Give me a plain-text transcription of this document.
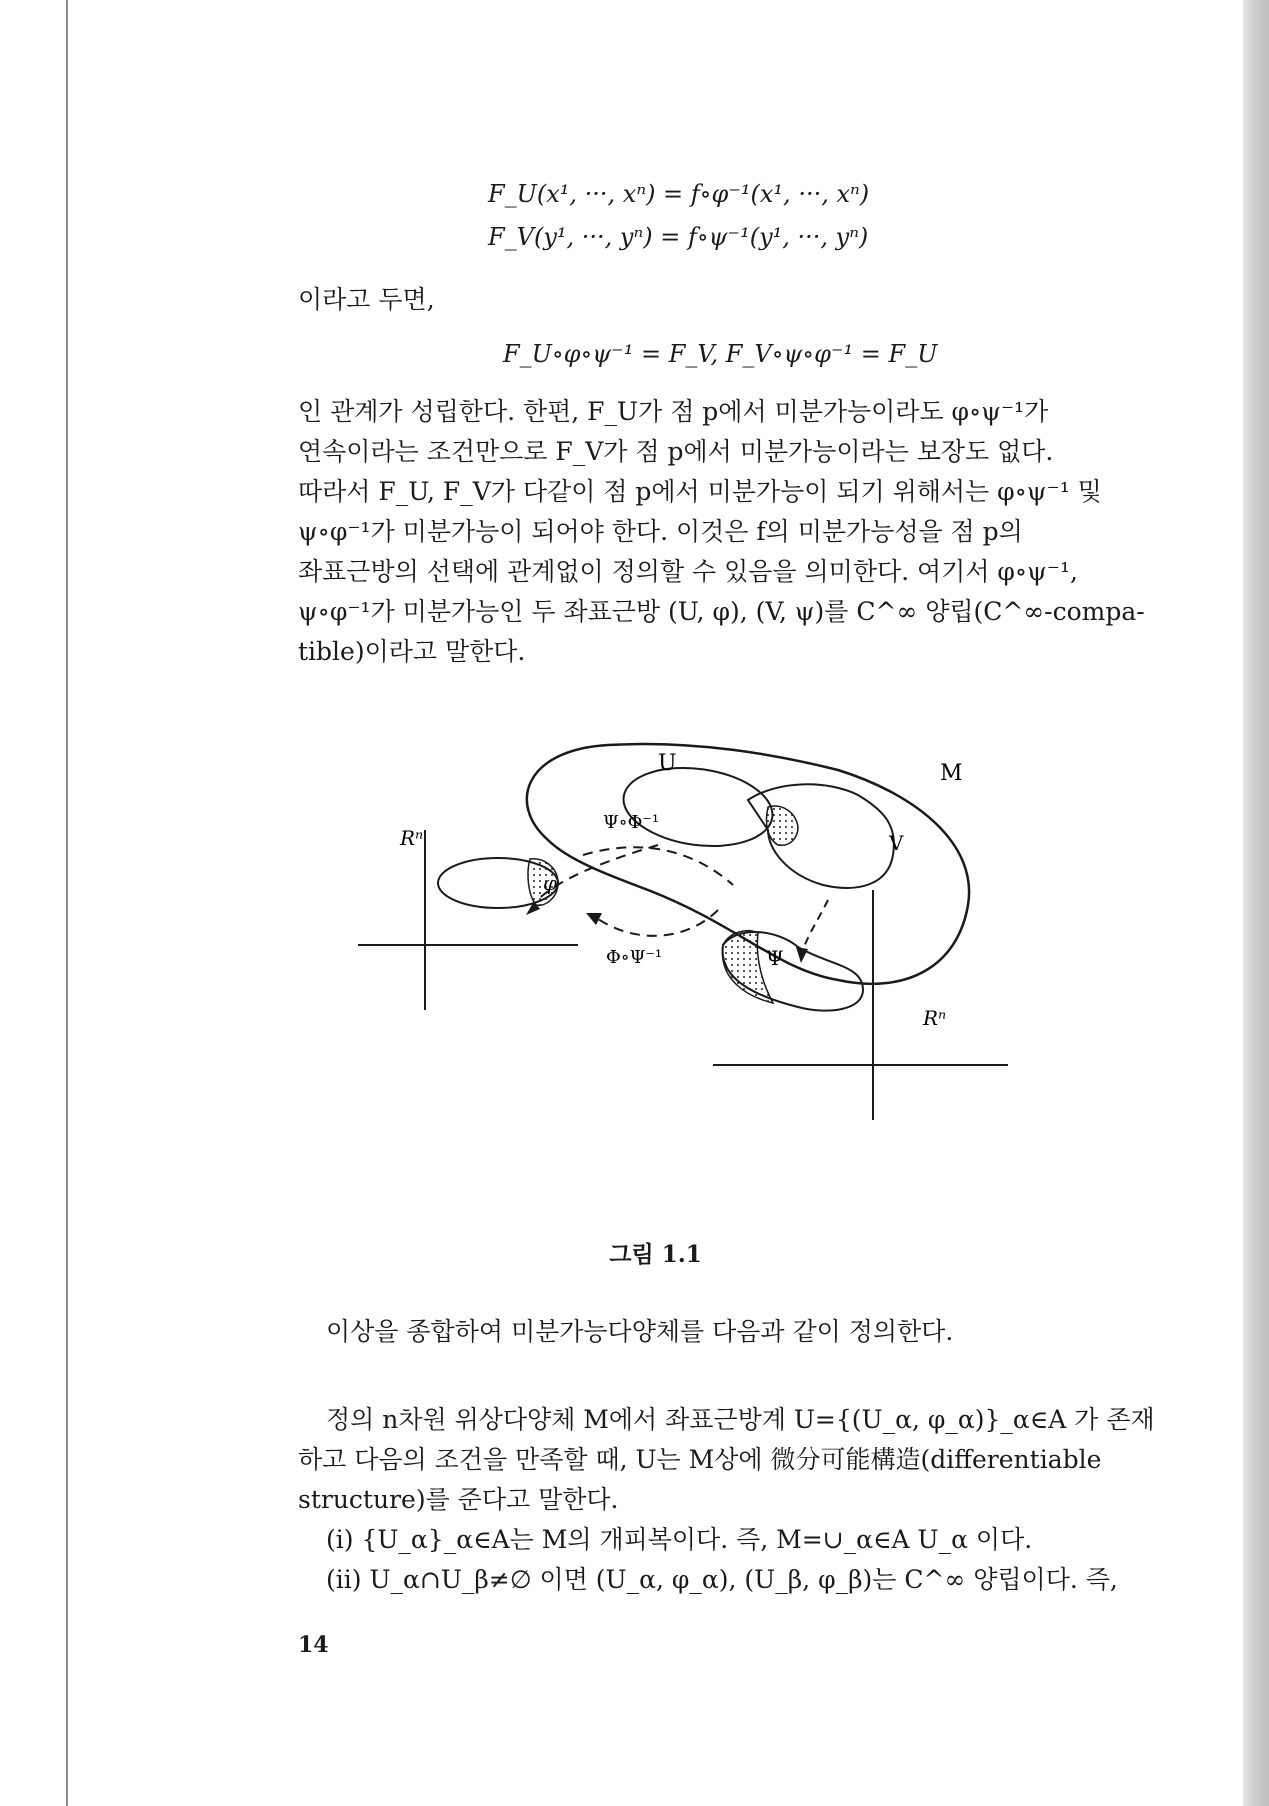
F_U(x¹, ···, xⁿ) = f∘φ⁻¹(x¹, ···, xⁿ)
F_V(y¹, ···, yⁿ) = f∘ψ⁻¹(y¹, ···, yⁿ)
이라고 두면,
F_U∘φ∘ψ⁻¹ = F_V, F_V∘ψ∘φ⁻¹ = F_U
인 관계가 성립한다. 한편, F_U가 점 p에서 미분가능이라도 φ∘ψ⁻¹가
연속이라는 조건만으로 F_V가 점 p에서 미분가능이라는 보장도 없다.
따라서 F_U, F_V가 다같이 점 p에서 미분가능이 되기 위해서는 φ∘ψ⁻¹ 및
ψ∘φ⁻¹가 미분가능이 되어야 한다. 이것은 f의 미분가능성을 점 p의
좌표근방의 선택에 관계없이 정의할 수 있음을 의미한다. 여기서 φ∘ψ⁻¹,
ψ∘φ⁻¹가 미분가능인 두 좌표근방 (U, φ), (V, ψ)를 C^∞ 양립(C^∞-compa-
tible)이라고 말한다.
U
V
M
Ψ
Rⁿ
Rⁿ
Ψ∘Φ⁻¹
Φ∘Ψ⁻¹
그림 1.1
이상을 종합하여 미분가능다양체를 다음과 같이 정의한다.
정의 n차원 위상다양체 M에서 좌표근방계 U={(U_α, φ_α)}_α∈A 가 존재
하고 다음의 조건을 만족할 때, U는 M상에 微分可能構造(differentiable
structure)를 준다고 말한다.
(i) {U_α}_α∈A는 M의 개피복이다. 즉, M=∪_α∈A U_α 이다.
(ii) U_α∩U_β≠∅ 이면 (U_α, φ_α), (U_β, φ_β)는 C^∞ 양립이다. 즉,
14
